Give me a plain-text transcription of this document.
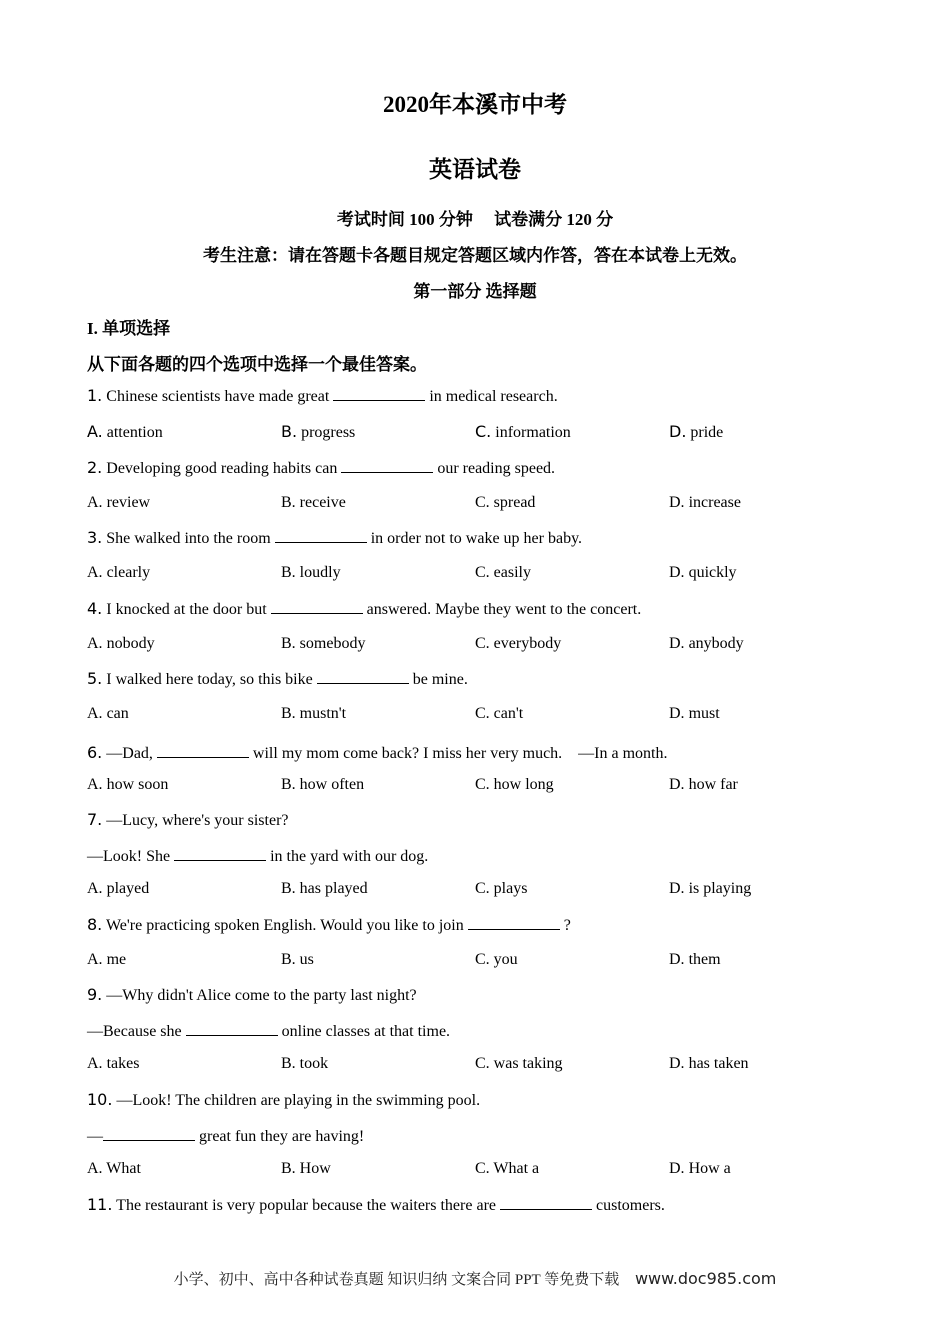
2020年本溪市中考
英语试卷
考试时间 100 分钟　 试卷满分 120 分
考生注意：请在答题卡各题目规定答题区域内作答，答在本试卷上无效。
第一部分 选择题
I. 单项选择
从下面各题的四个选项中选择一个最佳答案。
1. Chinese scientists have made great	in medical research.
A. attention	B. progress	C. information	D. pride
2. Developing good reading habits can	our reading speed.
A. review	B. receive	C. spread	D. increase
3. She walked into the room	in order not to wake up her baby.
A. clearly	B. loudly	C. easily	D. quickly
4. I knocked at the door but	answered. Maybe they went to the concert.
A. nobody	B. somebody	C. everybody	D. anybody
5. I walked here today, so this bike	be mine.
A. can	B. mustn't	C. can't	D. must
6. —Dad,	will my mom come back? I miss her very much.　—In a month.
A. how soon	B. how often	C. how long	D. how far
7. —Lucy, where's your sister?
—Look! She	in the yard with our dog.
A. played	B. has played	C. plays	D. is playing
8. We're practicing spoken English. Would you like to join	?
A. me	B. us	C. you	D. them
9. —Why didn't Alice come to the party last night?
—Because she	online classes at that time.
A. takes	B. took	C. was taking	D. has taken
10. —Look! The children are playing in the swimming pool.
—	great fun they are having!
A. What	B. How	C. What a	D. How a
11. The restaurant is very popular because the waiters there are	customers.
小学、初中、高中各种试卷真题 知识归纳 文案合同 PPT 等免费下载 www.doc985.com
